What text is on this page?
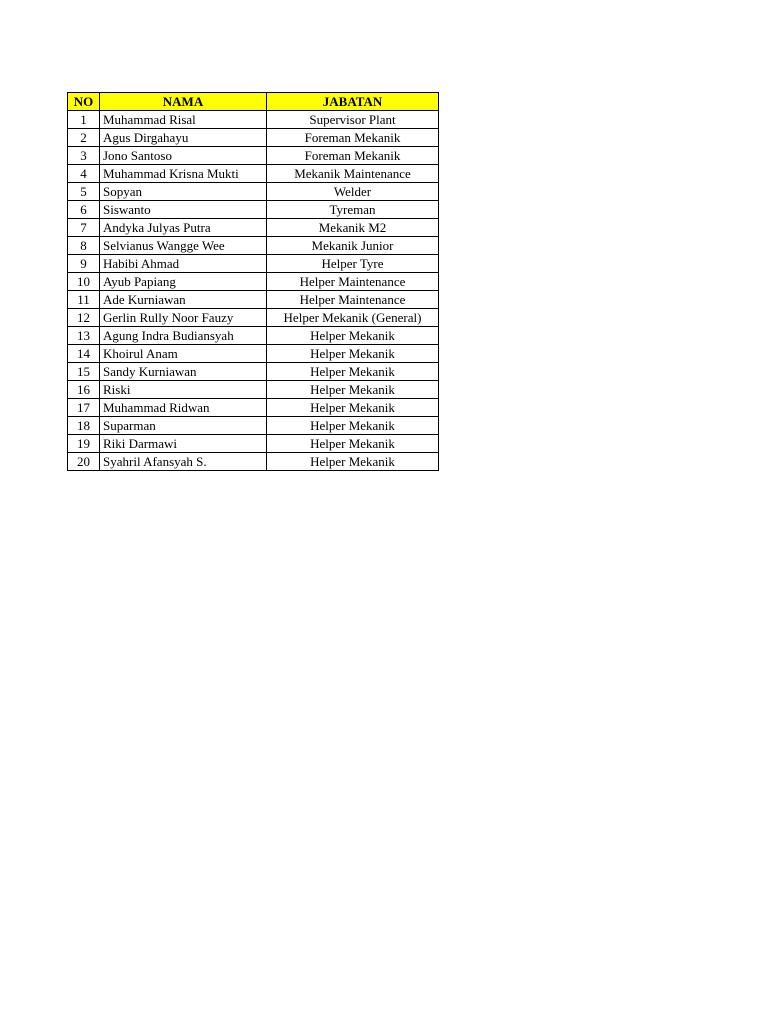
NO	NAMA	JABATAN
1	Muhammad Risal	Supervisor Plant
2	Agus Dirgahayu	Foreman Mekanik
3	Jono Santoso	Foreman Mekanik
4	Muhammad Krisna Mukti	Mekanik Maintenance
5	Sopyan	Welder
6	Siswanto	Tyreman
7	Andyka Julyas Putra	Mekanik M2
8	Selvianus Wangge Wee	Mekanik Junior
9	Habibi Ahmad	Helper Tyre
10	Ayub Papiang	Helper Maintenance
11	Ade Kurniawan	Helper Maintenance
12	Gerlin Rully Noor Fauzy	Helper Mekanik (General)
13	Agung Indra Budiansyah	Helper Mekanik
14	Khoirul Anam	Helper Mekanik
15	Sandy Kurniawan	Helper Mekanik
16	Riski	Helper Mekanik
17	Muhammad Ridwan	Helper Mekanik
18	Suparman	Helper Mekanik
19	Riki Darmawi	Helper Mekanik
20	Syahril Afansyah S.	Helper Mekanik
